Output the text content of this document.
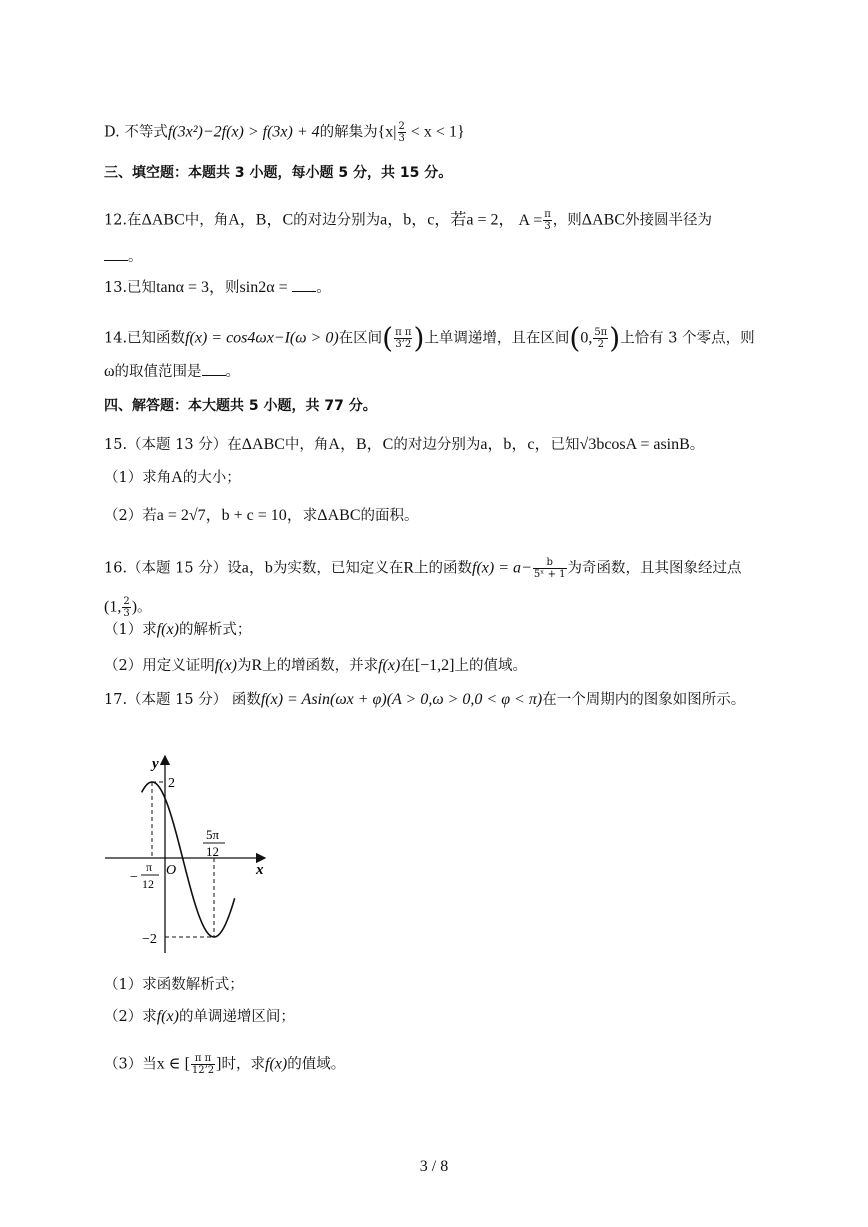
D. 不等式f(3x²)−2f(x) > f(3x) + 4的解集为$\{x| \frac{2}{3} < x < 1\}$
三、填空题：本题共 3 小题，每小题 5 分，共 15 分。
12.在ΔABC中，角A，B，C的对边分别为a，b，c，若a = 2， $A = \frac{\pi}{3}$ ，则ΔABC外接圆半径为
。
13.已知tanα = 3，则sin2α = 。
14.已知函数f(x) = cos4ωx−I(ω > 0)在区间( $\frac{\text{π π}}{3’2}$ )上单调递增，且在区间(0, $\frac{5\pi}{2}$ )上恰有 3 个零点，则
ω的取值范围是 。
四、解答题：本大题共 5 小题，共 77 分。
15.（本题 13 分）在ΔABC中，角A，B，C的对边分别为a，b，c，已知√3bcosA = asinB。
（1）求角A的大小；
（2）若a = 2√7，b + c = 10，求ΔABC的面积。
16.（本题 15 分）设a，b为实数，已知定义在R上的函数$f(x) = a- \frac{b}{\text{5ˣ + 1}}$ 为奇函数，且其图象经过点
(1, $\frac{2}{3}$ )。
（1）求f(x)的解析式；
（2）用定义证明f(x)为R上的增函数，并求f(x)在[−1,2]上的值域。
17.（本题 15 分） 函数f(x) = Asin(ωx + φ)(A > 0,ω > 0,0 < φ < π)在一个周期内的图象如图所示。
y
x
O
2
−2
−
π
12
5π
12
（1）求函数解析式；
（2）求f(x)的单调递增区间；
（3）当x ∈ [ $\frac{\text{π π}}{12’2}$ ]时，求f(x)的值域。
3 / 8
